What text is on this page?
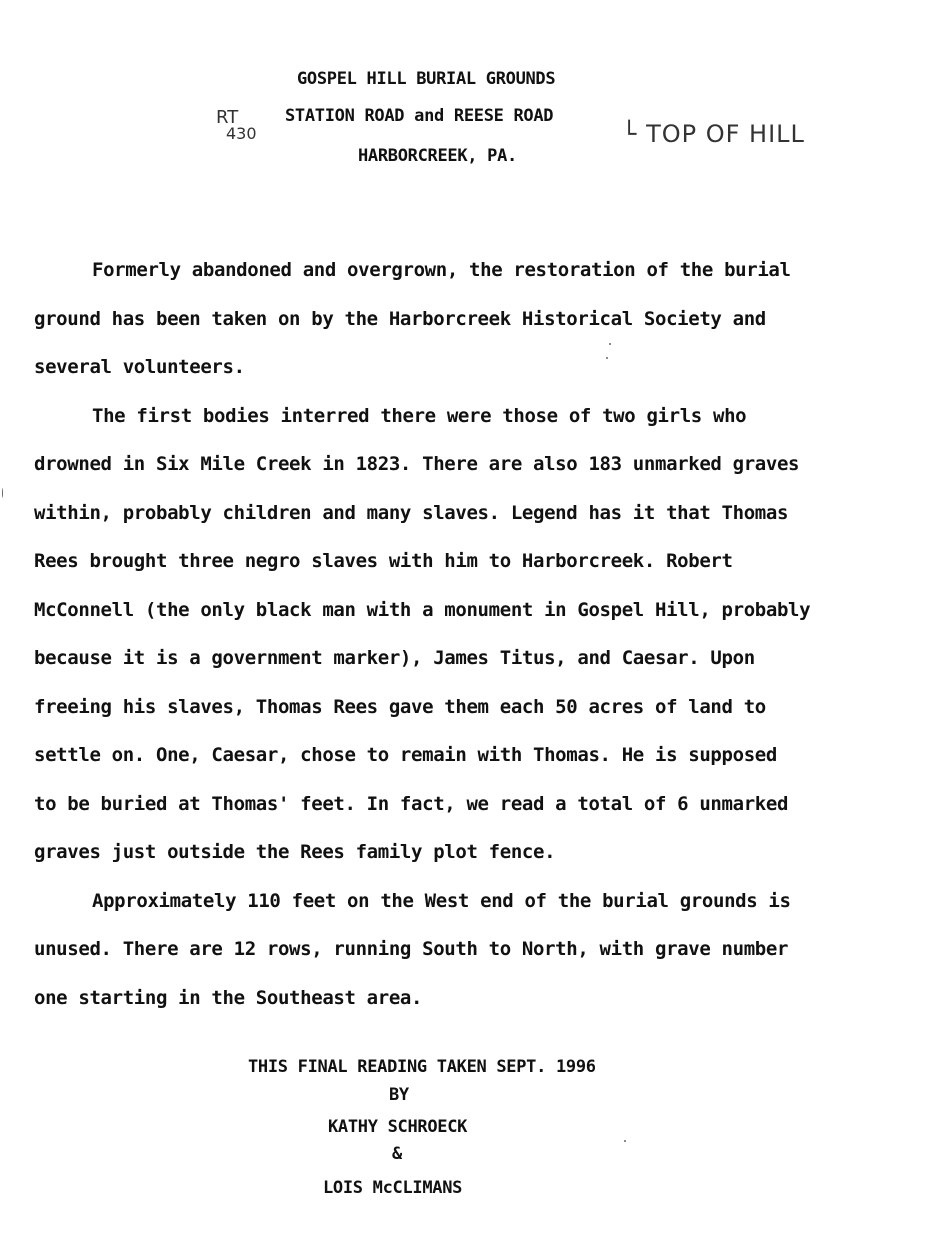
GOSPEL HILL BURIAL GROUNDS
STATION ROAD and REESE ROAD
HARBORCREEK, PA.
RT
430	└ TOP OF HILL

Formerly abandoned and overgrown, the restoration of the burial
ground has been taken on by the Harborcreek Historical Society and
several volunteers.

The first bodies interred there were those of two girls who
drowned in Six Mile Creek in 1823. There are also 183 unmarked graves
within, probably children and many slaves. Legend has it that Thomas
Rees brought three negro slaves with him to Harborcreek. Robert
McConnell (the only black man with a monument in Gospel Hill, probably
because it is a government marker), James Titus, and Caesar. Upon
freeing his slaves, Thomas Rees gave them each 50 acres of land to
settle on. One, Caesar, chose to remain with Thomas. He is supposed
to be buried at Thomas' feet. In fact, we read a total of 6 unmarked
graves just outside the Rees family plot fence.

Approximately 110 feet on the West end of the burial grounds is
unused. There are 12 rows, running South to North, with grave number
one starting in the Southeast area.

THIS FINAL READING TAKEN SEPT. 1996
BY
KATHY SCHROECK
&
LOIS McCLIMANS
